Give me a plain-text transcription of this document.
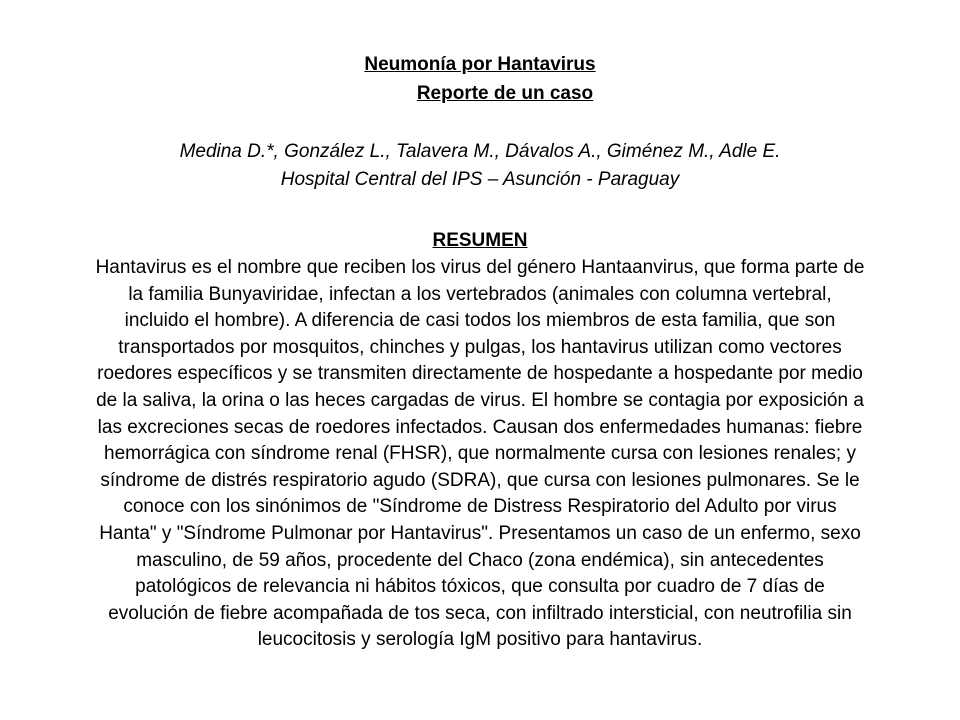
Neumonía por Hantavirus
Reporte de un caso
Medina D.*, González L., Talavera M., Dávalos A., Giménez M., Adle E.
Hospital Central del IPS – Asunción - Paraguay
RESUMEN
Hantavirus es el nombre que reciben los virus del género Hantaanvirus, que forma parte de
la familia Bunyaviridae, infectan a los vertebrados (animales con columna vertebral,
incluido el hombre). A diferencia de casi todos los miembros de esta familia, que son
transportados por mosquitos, chinches y pulgas, los hantavirus utilizan como vectores
roedores específicos y se transmiten directamente de hospedante a hospedante por medio
de la saliva, la orina o las heces cargadas de virus. El hombre se contagia por exposición a
las excreciones secas de roedores infectados. Causan dos enfermedades humanas: fiebre
hemorrágica con síndrome renal (FHSR), que normalmente cursa con lesiones renales; y
síndrome de distrés respiratorio agudo (SDRA), que cursa con lesiones pulmonares. Se le
conoce con los sinónimos de "Síndrome de Distress Respiratorio del Adulto por virus
Hanta" y "Síndrome Pulmonar por Hantavirus". Presentamos un caso de un enfermo, sexo
masculino, de 59 años, procedente del Chaco (zona endémica), sin antecedentes
patológicos de relevancia ni hábitos tóxicos, que consulta por cuadro de 7 días de
evolución de fiebre acompañada de tos seca, con infiltrado intersticial, con neutrofilia sin
leucocitosis y serología IgM positivo para hantavirus.
